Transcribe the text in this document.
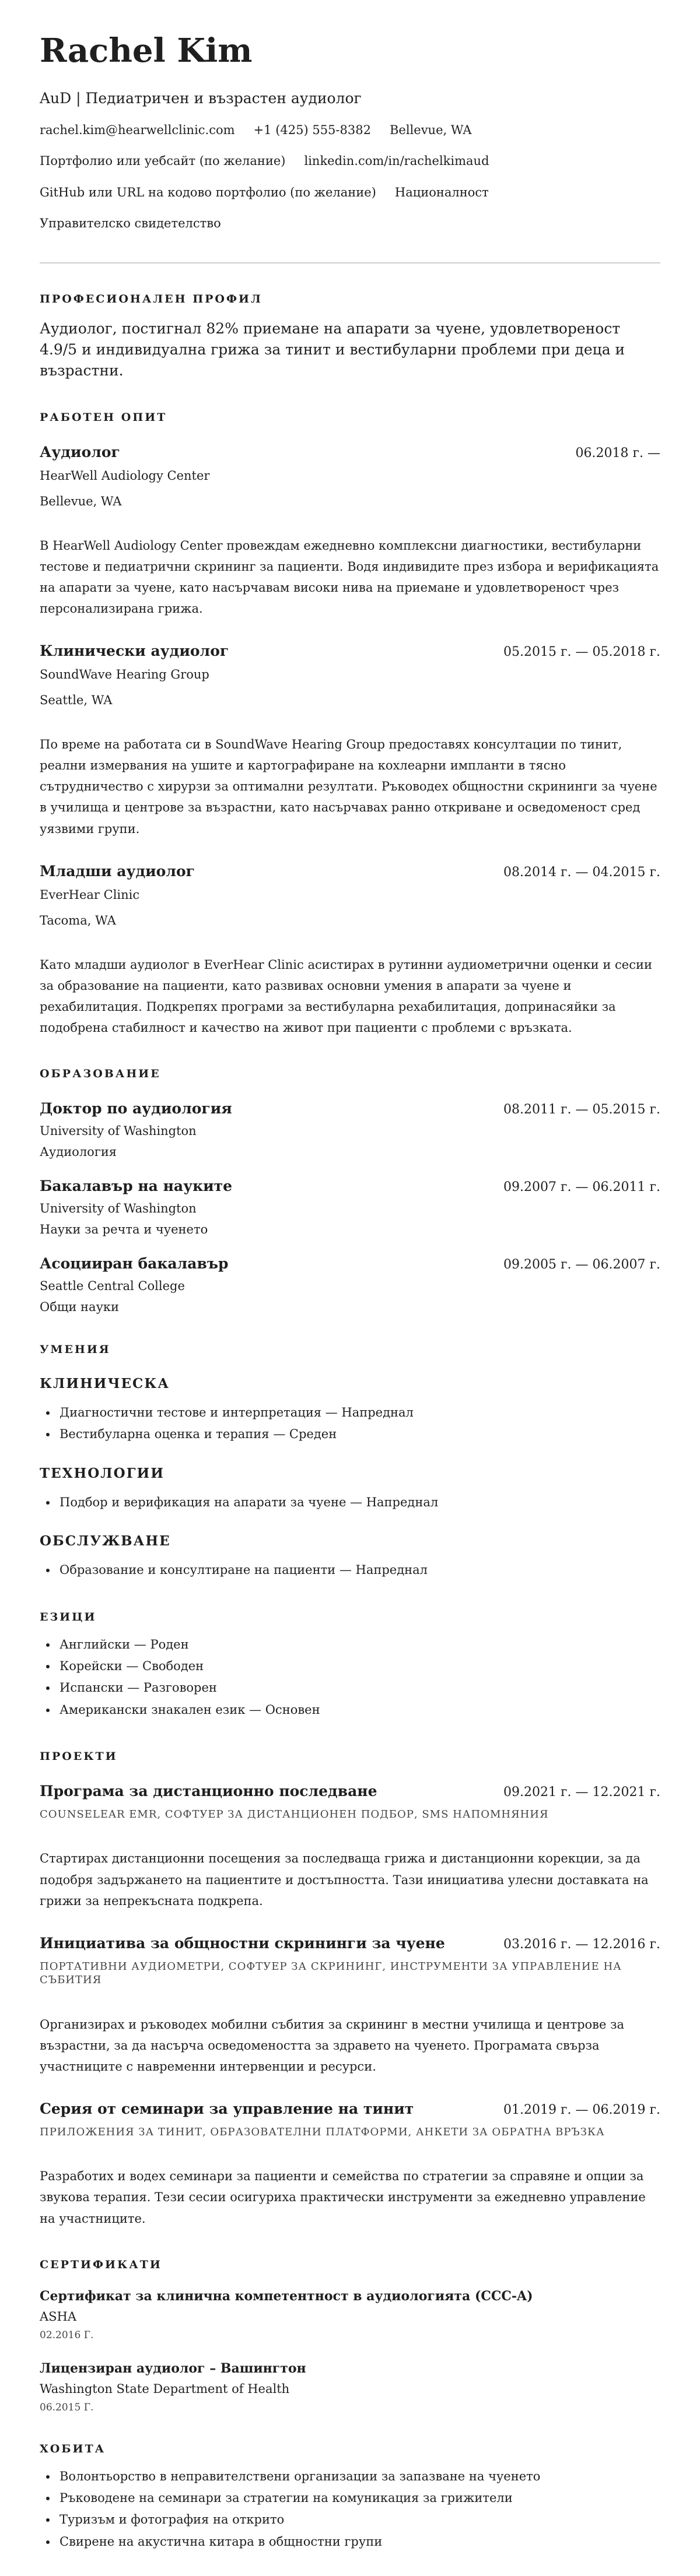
Rachel Kim
AuD | Педиатричен и възрастен аудиолог
rachel.kim@hearwellclinic.com +1 (425) 555-8382 Bellevue, WA
Портфолио или уебсайт (по желание) linkedin.com/in/rachelkimaud
GitHub или URL на кодово портфолио (по желание) Националност
Управителско свидетелство
ПРОФЕСИОНАЛЕН ПРОФИЛ
Аудиолог, постигнал 82% приемане на апарати за чуене, удовлетвореност 4.9/5 и индивидуална грижа за тинит и вестибуларни проблеми при деца и възрастни.
РАБОТЕН ОПИТ
Аудиолог	06.2018 г. —
HearWell Audiology Center
Bellevue, WA
В HearWell Audiology Center провеждам ежедневно комплексни диагностики, вестибуларни тестове и педиатрични скрининг за пациенти. Водя индивидите през избора и верификацията на апарати за чуене, като насърчавам високи нива на приемане и удовлетвореност чрез персонализирана грижа.
Клинически аудиолог	05.2015 г. — 05.2018 г.
SoundWave Hearing Group
Seattle, WA
По време на работата си в SoundWave Hearing Group предоставях консултации по тинит, реални измервания на ушите и картографиране на кохлеарни импланти в тясно сътрудничество с хирурзи за оптимални резултати. Ръководех общностни скрининги за чуене в училища и центрове за възрастни, като насърчавах ранно откриване и осведоменост сред уязвими групи.
Младши аудиолог	08.2014 г. — 04.2015 г.
EverHear Clinic
Tacoma, WA
Като младши аудиолог в EverHear Clinic асистирах в рутинни аудиометрични оценки и сесии за образование на пациенти, като развивах основни умения в апарати за чуене и рехабилитация. Подкрепях програми за вестибуларна рехабилитация, допринасяйки за подобрена стабилност и качество на живот при пациенти с проблеми с връзката.
ОБРАЗОВАНИЕ
Доктор по аудиология	08.2011 г. — 05.2015 г.
University of Washington
Аудиология
Бакалавър на науките	09.2007 г. — 06.2011 г.
University of Washington
Науки за речта и чуенето
Асоцииран бакалавър	09.2005 г. — 06.2007 г.
Seattle Central College
Общи науки
УМЕНИЯ
КЛИНИЧЕСКА
• Диагностични тестове и интерпретация — Напреднал
• Вестибуларна оценка и терапия — Среден
ТЕХНОЛОГИИ
• Подбор и верификация на апарати за чуене — Напреднал
ОБСЛУЖВАНЕ
• Образование и консултиране на пациенти — Напреднал
ЕЗИЦИ
• Английски — Роден
• Корейски — Свободен
• Испански — Разговорен
• Американски знакален език — Основен
ПРОЕКТИ
Програма за дистанционно последване	09.2021 г. — 12.2021 г.
COUNSELEAR EMR, СОФТУЕР ЗА ДИСТАНЦИОНЕН ПОДБОР, SMS НАПОМНЯНИЯ
Стартирах дистанционни посещения за последваща грижа и дистанционни корекции, за да подобря задържането на пациентите и достъпността. Тази инициатива улесни доставката на грижи за непрекъсната подкрепа.
Инициатива за общностни скрининги за чуене	03.2016 г. — 12.2016 г.
ПОРТАТИВНИ АУДИОМЕТРИ, СОФТУЕР ЗА СКРИНИНГ, ИНСТРУМЕНТИ ЗА УПРАВЛЕНИЕ НА СЪБИТИЯ
Организирах и ръководех мобилни събития за скрининг в местни училища и центрове за възрастни, за да насърча осведомеността за здравето на чуенето. Програмата свърза участниците с навременни интервенции и ресурси.
Серия от семинари за управление на тинит	01.2019 г. — 06.2019 г.
ПРИЛОЖЕНИЯ ЗА ТИНИТ, ОБРАЗОВАТЕЛНИ ПЛАТФОРМИ, АНКЕТИ ЗА ОБРАТНА ВРЪЗКА
Разработих и водех семинари за пациенти и семейства по стратегии за справяне и опции за звукова терапия. Тези сесии осигуриха практически инструменти за ежедневно управление на участниците.
СЕРТИФИКАТИ
Сертификат за клинична компетентност в аудиологията (CCC-A)
ASHA
02.2016 Г.
Лицензиран аудиолог – Вашингтон
Washington State Department of Health
06.2015 Г.
ХОБИТА
• Волонтьорство в неправителствени организации за запазване на чуенето
• Ръководене на семинари за стратегии на комуникация за грижители
• Туризъм и фотография на открито
• Свирене на акустична китара в общностни групи
